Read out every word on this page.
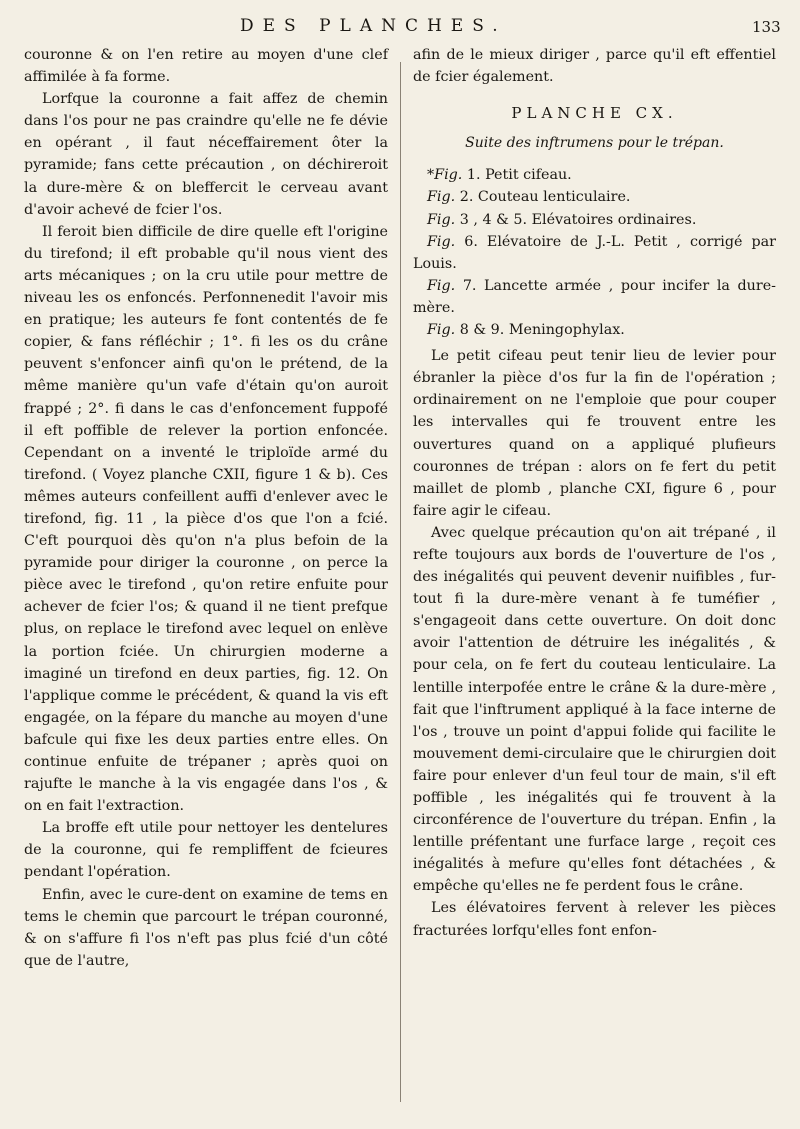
DES PLANCHES.	133

couronne & on l'en retire au moyen d'une clef affimilée à fa forme.

Lorfque la couronne a fait affez de chemin dans l'os pour ne pas craindre qu'elle ne fe dévie en opérant , il faut néceffairement ôter la pyramide; fans cette précaution , on déchireroit la dure-mère & on bleffercit le cerveau avant d'avoir achevé de fcier l'os.

Il feroit bien difficile de dire quelle eft l'origine du tirefond; il eft probable qu'il nous vient des arts mécaniques ; on la cru utile pour mettre de niveau les os enfoncés. Perfonnenedit l'avoir mis en pratique; les auteurs fe font contentés de fe copier, & fans réfléchir ; 1°. fi les os du crâne peuvent s'enfoncer ainfi qu'on le prétend, de la même manière qu'un vafe d'étain qu'on auroit frappé ; 2°. fi dans le cas d'enfoncement fuppofé il eft poffible de relever la portion enfoncée. Cependant on a inventé le triploïde armé du tirefond. ( Voyez planche CXII, figure 1 & b). Ces mêmes auteurs confeillent auffi d'enlever avec le tirefond, fig. 11 , la pièce d'os que l'on a fcié. C'eft pourquoi dès qu'on n'a plus befoin de la pyramide pour diriger la couronne , on perce la pièce avec le tirefond , qu'on retire enfuite pour achever de fcier l'os; & quand il ne tient prefque plus, on replace le tirefond avec lequel on enlève la portion fciée. Un chirurgien moderne a imaginé un tirefond en deux parties, fig. 12. On l'applique comme le précédent, & quand la vis eft engagée, on la fépare du manche au moyen d'une bafcule qui fixe les deux parties entre elles. On continue enfuite de trépaner ; après quoi on rajufte le manche à la vis engagée dans l'os , & on en fait l'extraction.

La broffe eft utile pour nettoyer les dentelures de la couronne, qui fe rempliffent de fcieures pendant l'opération.

Enfin, avec le cure-dent on examine de tems en tems le chemin que parcourt le trépan couronné, & on s'affure fi l'os n'eft pas plus fcié d'un côté que de l'autre,

afin de le mieux diriger , parce qu'il eft effentiel de fcier également.

PLANCHE CX.
Suite des inftrumens pour le trépan.
*Fig. 1. Petit cifeau.
Fig. 2. Couteau lenticulaire.
Fig. 3 , 4 & 5. Elévatoires ordinaires.
Fig. 6. Elévatoire de J.-L. Petit , corrigé par Louis.
Fig. 7. Lancette armée , pour incifer la dure-mère.
Fig. 8 & 9. Meningophylax.

Le petit cifeau peut tenir lieu de levier pour ébranler la pièce d'os fur la fin de l'opération ; ordinairement on ne l'emploie que pour couper les intervalles qui fe trouvent entre les ouvertures quand on a appliqué plufieurs couronnes de trépan : alors on fe fert du petit maillet de plomb , planche CXI, figure 6 , pour faire agir le cifeau.

Avec quelque précaution qu'on ait trépané , il refte toujours aux bords de l'ouverture de l'os , des inégalités qui peuvent devenir nuifibles , fur-tout fi la dure-mère venant à fe tuméfier , s'engageoit dans cette ouverture. On doit donc avoir l'attention de détruire les inégalités , & pour cela, on fe fert du couteau lenticulaire. La lentille interpofée entre le crâne & la dure-mère , fait que l'inftrument appliqué à la face interne de l'os , trouve un point d'appui folide qui facilite le mouvement demi-circulaire que le chirurgien doit faire pour enlever d'un feul tour de main, s'il eft poffible , les inégalités qui fe trouvent à la circonférence de l'ouverture du trépan. Enfin , la lentille préfentant une furface large , reçoit ces inégalités à mefure qu'elles font détachées , & empêche qu'elles ne fe perdent fous le crâne.

Les élévatoires fervent à relever les pièces fracturées lorfqu'elles font enfon-
